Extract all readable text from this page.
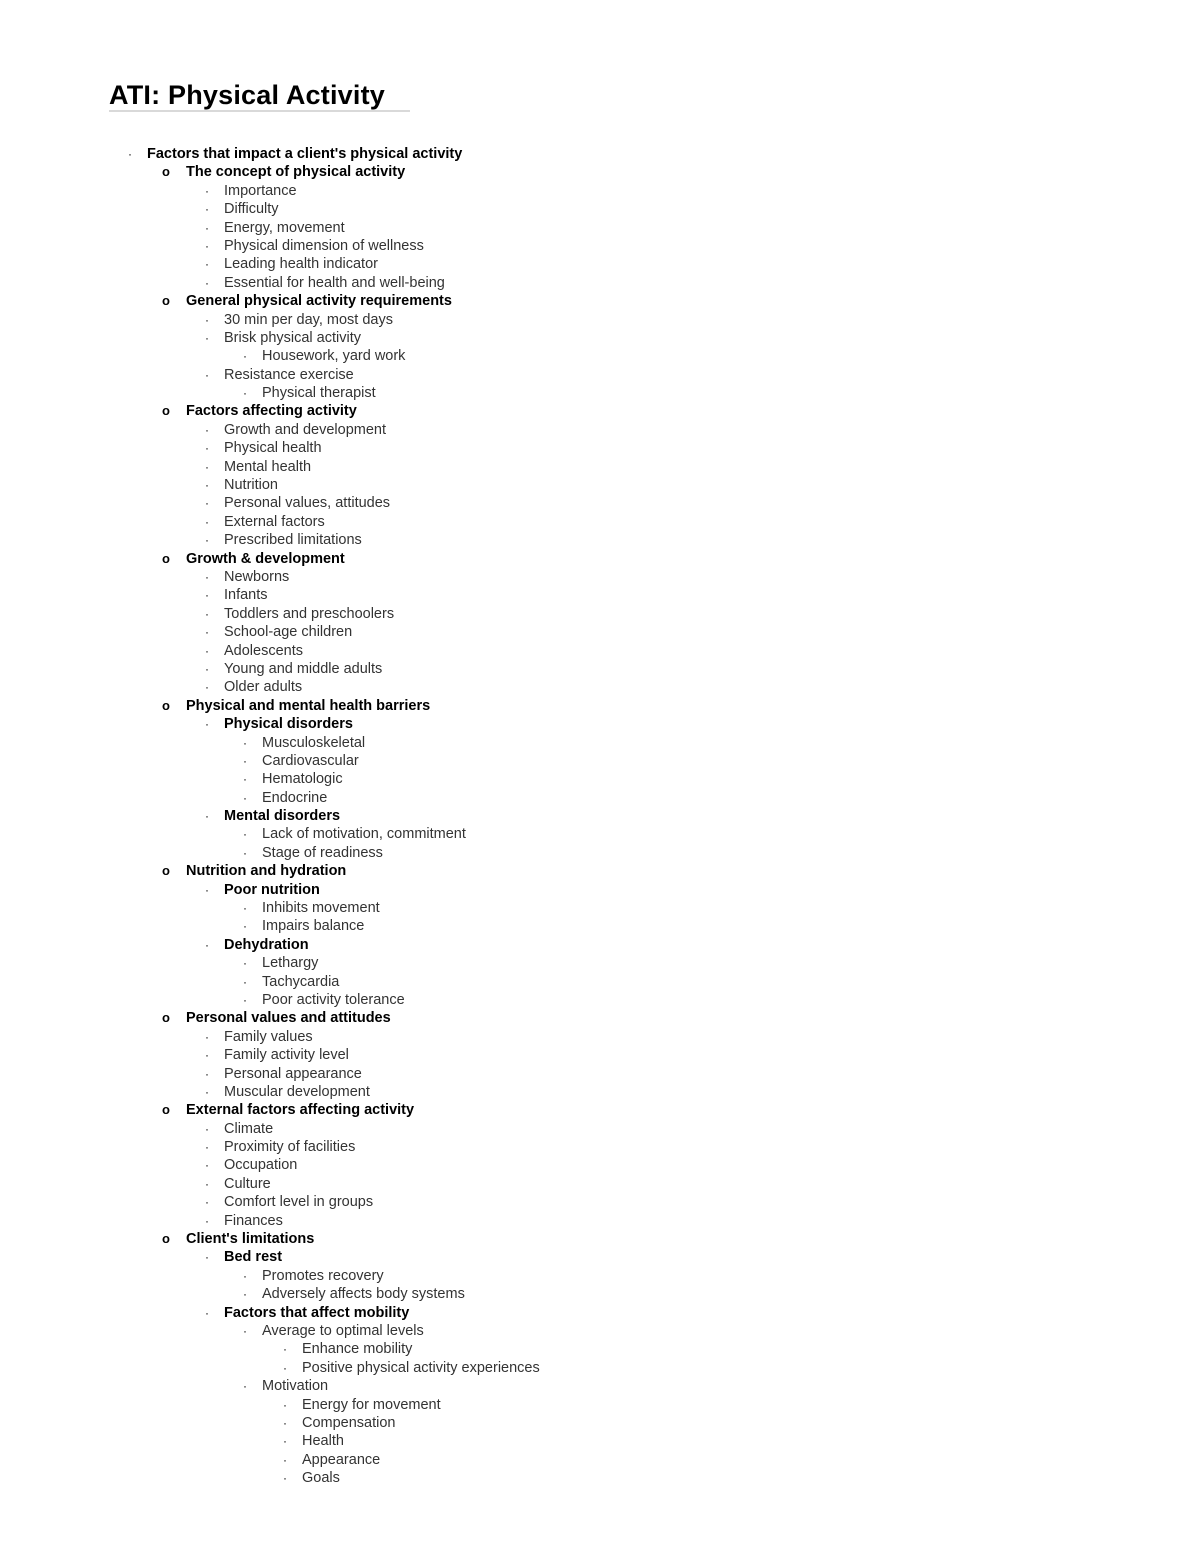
ATI: Physical Activity
·	Factors that impact a client's physical activity
o The concept of physical activity
·	Importance
·	Difficulty
·	Energy, movement
·	Physical dimension of wellness
·	Leading health indicator
·	Essential for health and well-being
o General physical activity requirements
·	30 min per day, most days
·	Brisk physical activity
·	Housework, yard work
·	Resistance exercise
·	Physical therapist
o Factors affecting activity
·	Growth and development
·	Physical health
·	Mental health
·	Nutrition
·	Personal values, attitudes
·	External factors
·	Prescribed limitations
o Growth & development
·	Newborns
·	Infants
·	Toddlers and preschoolers
·	School-age children
·	Adolescents
·	Young and middle adults
·	Older adults
o Physical and mental health barriers
·	Physical disorders
·	Musculoskeletal
·	Cardiovascular
·	Hematologic
·	Endocrine
·	Mental disorders
·	Lack of motivation, commitment
·	Stage of readiness
o Nutrition and hydration
·	Poor nutrition
·	Inhibits movement
·	Impairs balance
·	Dehydration
·	Lethargy
·	Tachycardia
·	Poor activity tolerance
o Personal values and attitudes
·	Family values
·	Family activity level
·	Personal appearance
·	Muscular development
o External factors affecting activity
·	Climate
·	Proximity of facilities
·	Occupation
·	Culture
·	Comfort level in groups
·	Finances
o Client's limitations
·	Bed rest
·	Promotes recovery
·	Adversely affects body systems
·	Factors that affect mobility
·	Average to optimal levels
·	Enhance mobility
·	Positive physical activity experiences
·	Motivation
·	Energy for movement
·	Compensation
·	Health
·	Appearance
·	Goals
